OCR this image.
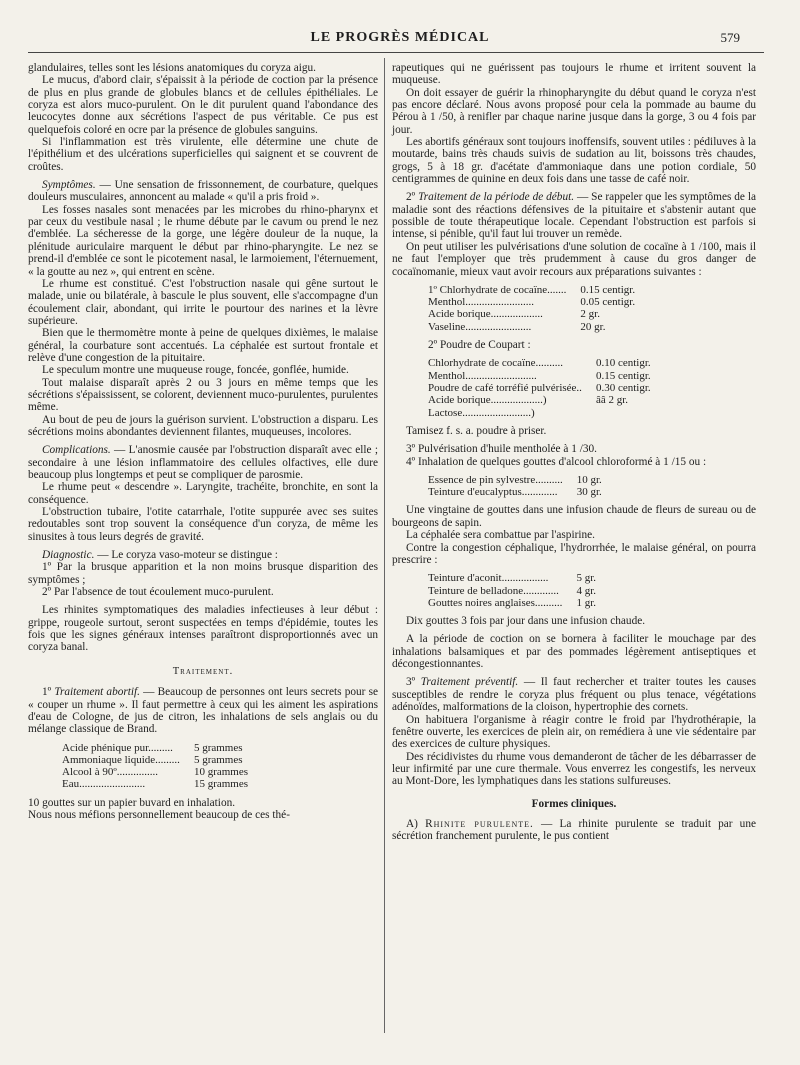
LE PROGRÈS MÉDICAL	579

glandulaires, telles sont les lésions anatomiques du coryza aigu.

Le mucus, d'abord clair, s'épaissit à la période de coction par la présence de plus en plus grande de globules blancs et de cellules épithéliales. Le coryza est alors muco-purulent. On le dit purulent quand l'abondance des leucocytes donne aux sécrétions l'aspect de pus véritable. Ce pus est quelquefois coloré en ocre par la présence de globules sanguins.

Si l'inflammation est très virulente, elle détermine une chute de l'épithélium et des ulcérations superficielles qui saignent et se couvrent de croûtes.

Symptômes. — Une sensation de frissonnement, de courbature, quelques douleurs musculaires, annoncent au malade « qu'il a pris froid ».

Les fosses nasales sont menacées par les microbes du rhino-pharynx et par ceux du vestibule nasal ; le rhume débute par le cavum ou prend le nez d'emblée. La sécheresse de la gorge, une légère douleur de la nuque, la plénitude auriculaire marquent le début par rhino-pharyngite. Le nez se prend-il d'emblée ce sont le picotement nasal, le larmoiement, l'éternuement, « la goutte au nez », qui entrent en scène.

Le rhume est constitué. C'est l'obstruction nasale qui gêne surtout le malade, unie ou bilatérale, à bascule le plus souvent, elle s'accompagne d'un écoulement clair, abondant, qui irrite le pourtour des narines et la lèvre supérieure.

Bien que le thermomètre monte à peine de quelques dixièmes, le malaise général, la courbature sont accentués. La céphalée est surtout frontale et relève d'une congestion de la pituitaire.

Le speculum montre une muqueuse rouge, foncée, gonflée, humide.

Tout malaise disparaît après 2 ou 3 jours en même temps que les sécrétions s'épaississent, se colorent, deviennent muco-purulentes, purulentes même.

Au bout de peu de jours la guérison survient. L'obstruction a disparu. Les sécrétions moins abondantes deviennent filantes, muqueuses, incolores.

Complications. — L'anosmie causée par l'obstruction disparaît avec elle ; secondaire à une lésion inflammatoire des cellules olfactives, elle dure beaucoup plus longtemps et peut se compliquer de parosmie.

Le rhume peut « descendre ». Laryngite, trachéite, bronchite, en sont la conséquence.

L'obstruction tubaire, l'otite catarrhale, l'otite suppurée avec ses suites redoutables sont trop souvent la conséquence d'un coryza, de même les sinusites à tous leurs degrés de gravité.

Diagnostic. — Le coryza vaso-moteur se distingue :

1º Par la brusque apparition et la non moins brusque disparition des symptômes ;

2º Par l'absence de tout écoulement muco-purulent.

Les rhinites symptomatiques des maladies infectieuses à leur début : grippe, rougeole surtout, seront suspectées en temps d'épidémie, toutes les fois que les signes généraux intenses paraîtront disproportionnés avec un coryza banal.

Traitement.

1º Traitement abortif. — Beaucoup de personnes ont leurs secrets pour se « couper un rhume ». Il faut permettre à ceux qui les aiment les aspirations d'eau de Cologne, de jus de citron, les inhalations de sels anglais ou du mélange classique de Brand.

Acide phénique pur.........	5 grammes
Ammoniaque liquide.........	5 grammes
Alcool à 90º...............	10 grammes
Eau........................	15 grammes

10 gouttes sur un papier buvard en inhalation.

Nous nous méfions personnellement beaucoup de ces thé-

rapeutiques qui ne guérissent pas toujours le rhume et irritent souvent la muqueuse.

On doit essayer de guérir la rhinopharyngite du début quand le coryza n'est pas encore déclaré. Nous avons proposé pour cela la pommade au baume du Pérou à 1 /50, à renifler par chaque narine jusque dans la gorge, 3 ou 4 fois par jour.

Les abortifs généraux sont toujours inoffensifs, souvent utiles : pédiluves à la moutarde, bains très chauds suivis de sudation au lit, boissons très chaudes, grogs, 5 à 18 gr. d'acétate d'ammoniaque dans une potion cordiale, 50 centigrammes de quinine en deux fois dans une tasse de café noir.

2º Traitement de la période de début. — Se rappeler que les symptômes de la maladie sont des réactions défensives de la pituitaire et s'abstenir autant que possible de toute thérapeutique locale. Cependant l'obstruction est parfois si intense, si pénible, qu'il faut lui trouver un remède.

On peut utiliser les pulvérisations d'une solution de cocaïne à 1 /100, mais il ne faut l'employer que très prudemment à cause du gros danger de cocaïnomanie, mieux vaut avoir recours aux préparations suivantes :

1º Chlorhydrate de cocaïne.......	0.15 centigr.
Menthol.........................	0.05 centigr.
Acide borique...................	2 gr.
Vaseline........................	20 gr.
2º Poudre de Coupart :
Chlorhydrate de cocaïne..........	0.10 centigr.
Menthol..........................	0.15 centigr.
Poudre de café torréfié pulvérisée..	0.30 centigr.
Acide borique...................)	ââ 2 gr.
Lactose.........................)	

Tamisez f. s. a. poudre à priser.

3º Pulvérisation d'huile mentholée à 1 /30.

4º Inhalation de quelques gouttes d'alcool chloroformé à 1 /15 ou :

Essence de pin sylvestre..........	10 gr.
Teinture d'eucalyptus.............	30 gr.

Une vingtaine de gouttes dans une infusion chaude de fleurs de sureau ou de bourgeons de sapin.

La céphalée sera combattue par l'aspirine.

Contre la congestion céphalique, l'hydrorrhée, le malaise général, on pourra prescrire :

Teinture d'aconit.................	5 gr.
Teinture de belladone.............	4 gr.
Gouttes noires anglaises..........	1 gr.

Dix gouttes 3 fois par jour dans une infusion chaude.

A la période de coction on se bornera à faciliter le mouchage par des inhalations balsamiques et par des pommades légèrement antiseptiques et décongestionnantes.

3º Traitement préventif. — Il faut rechercher et traiter toutes les causes susceptibles de rendre le coryza plus fréquent ou plus tenace, végétations adénoïdes, malformations de la cloison, hypertrophie des cornets.

On habituera l'organisme à réagir contre le froid par l'hydrothérapie, la fenêtre ouverte, les exercices de plein air, on remédiera à une vie sédentaire par des exercices de culture physiques.

Des récidivistes du rhume vous demanderont de tâcher de les débarrasser de leur infirmité par une cure thermale. Vous enverrez les congestifs, les nerveux au Mont-Dore, les lymphatiques dans les stations sulfureuses.

Formes cliniques.

A) Rhinite purulente. — La rhinite purulente se traduit par une sécrétion franchement purulente, le pus contient
